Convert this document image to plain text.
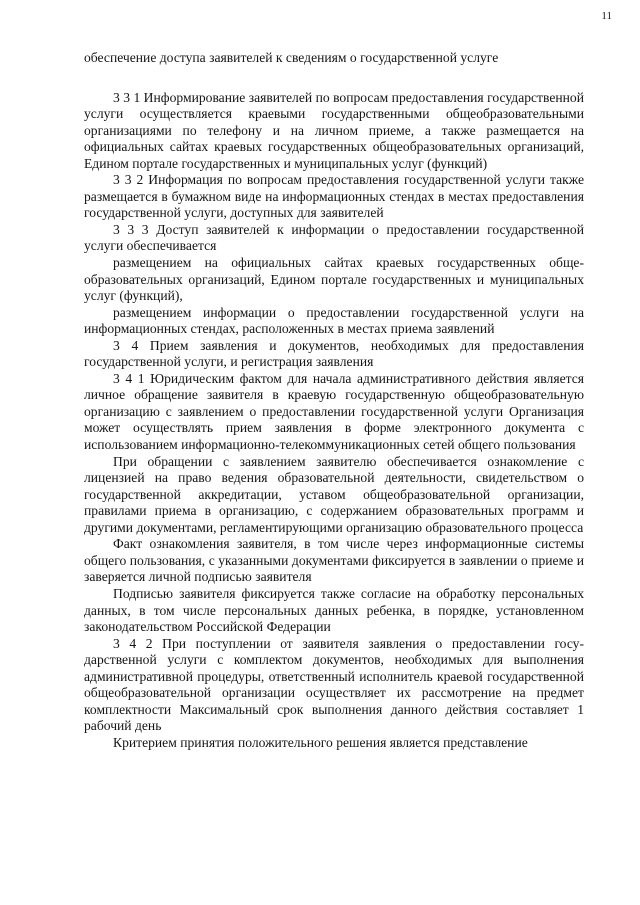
11

обеспечение доступа заявителей к сведениям о государственной услуге

3 3 1 Информирование заявителей по вопросам предоставления государственной услуги осуществляется краевыми государственными общеобразовательными организациями по телефону и на личном приеме, а также размещается на официальных сайтах краевых государственных общеобразовательных организаций, Едином портале государственных и муниципальных услуг (функций)

3 3 2 Информация по вопросам предоставления государственной услуги также размещается в бумажном виде на информационных стендах в местах предоставления государственной услуги, доступных для заявителей

3 3 3 Доступ заявителей к информации о предоставлении государственной услуги обеспечивается

размещением на официальных сайтах краевых государственных общеобразовательных организаций, Едином портале государственных и муниципальных услуг (функций),

размещением информации о предоставлении государственной услуги на информационных стендах, расположенных в местах приема заявлений

3 4 Прием заявления и документов, необходимых для предоставления государственной услуги, и регистрация заявления

3 4 1 Юридическим фактом для начала административного действия является личное обращение заявителя в краевую государственную общеобразовательную организацию с заявлением о предоставлении государственной услуги Организация может осуществлять прием заявления в форме электронного документа с использованием информационно-телекоммуникационных сетей общего пользования

При обращении с заявлением заявителю обеспечивается ознакомление с лицензией на право ведения образовательной деятельности, свидетельством о государственной аккредитации, уставом общеобразовательной организации, правилами приема в организацию, с содержанием образовательных программ и другими документами, регламентирующими организацию образовательного процесса

Факт ознакомления заявителя, в том числе через информационные системы общего пользования, с указанными документами фиксируется в заявлении о приеме и заверяется личной подписью заявителя

Подписью заявителя фиксируется также согласие на обработку персональных данных, в том числе персональных данных ребенка, в порядке, установленном законодательством Российской Федерации

3 4 2 При поступлении от заявителя заявления о предоставлении государственной услуги с комплектом документов, необходимых для выполнения административной процедуры, ответственный исполнитель краевой государственной общеобразовательной организации осуществляет их рассмотрение на предмет комплектности Максимальный срок выполнения данного действия составляет 1 рабочий день

Критерием принятия положительного решения является представление
